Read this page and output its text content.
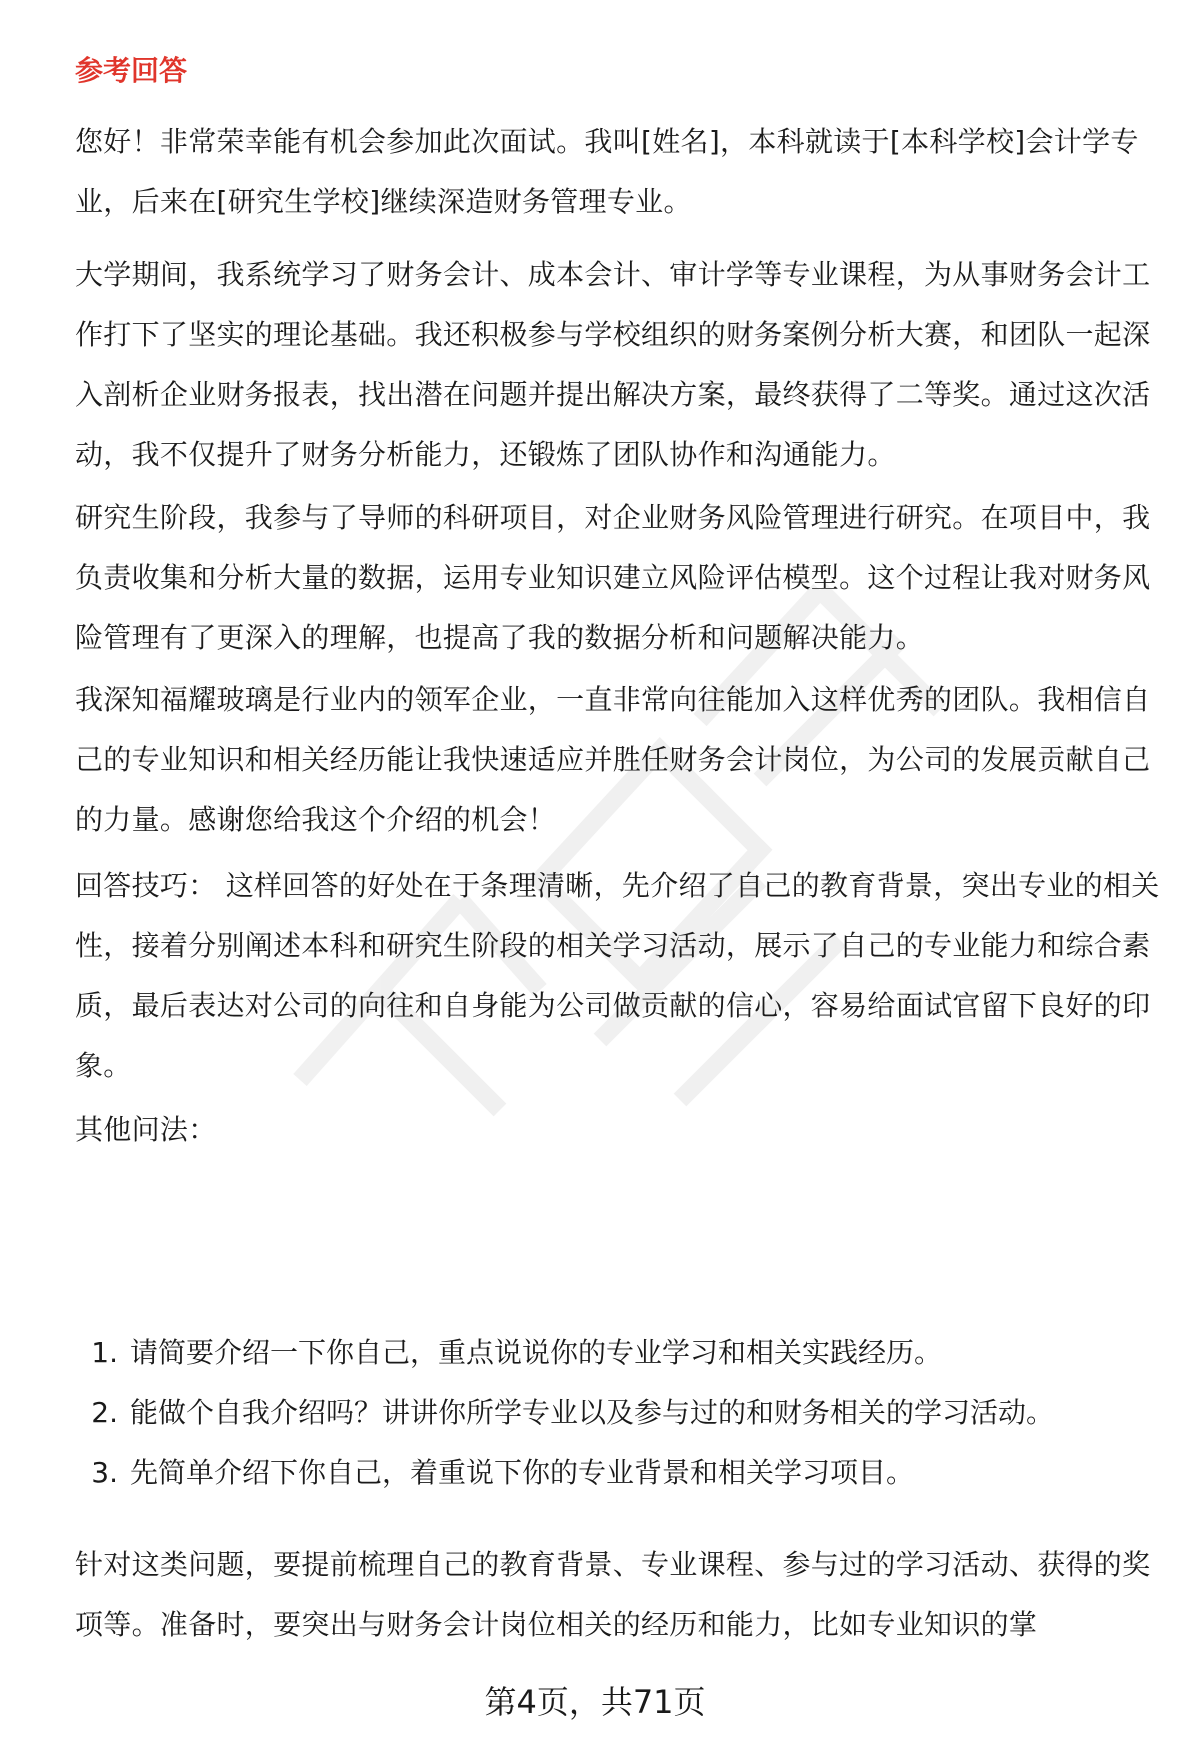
参考回答

您好！非常荣幸能有机会参加此次面试。我叫[姓名]，本科就读于[本科学校]会计学专业，后来在[研究生学校]继续深造财务管理专业。

大学期间，我系统学习了财务会计、成本会计、审计学等专业课程，为从事财务会计工作打下了坚实的理论基础。我还积极参与学校组织的财务案例分析大赛，和团队一起深入剖析企业财务报表，找出潜在问题并提出解决方案，最终获得了二等奖。通过这次活动，我不仅提升了财务分析能力，还锻炼了团队协作和沟通能力。

研究生阶段，我参与了导师的科研项目，对企业财务风险管理进行研究。在项目中，我负责收集和分析大量的数据，运用专业知识建立风险评估模型。这个过程让我对财务风险管理有了更深入的理解，也提高了我的数据分析和问题解决能力。

我深知福耀玻璃是行业内的领军企业，一直非常向往能加入这样优秀的团队。我相信自己的专业知识和相关经历能让我快速适应并胜任财务会计岗位，为公司的发展贡献自己的力量。感谢您给我这个介绍的机会！

回答技巧： 这样回答的好处在于条理清晰，先介绍了自己的教育背景，突出专业的相关性，接着分别阐述本科和研究生阶段的相关学习活动，展示了自己的专业能力和综合素质，最后表达对公司的向往和自身能为公司做贡献的信心，容易给面试官留下良好的印象。

其他问法：

1. 请简要介绍一下你自己，重点说说你的专业学习和相关实践经历。
2. 能做个自我介绍吗？讲讲你所学专业以及参与过的和财务相关的学习活动。
3. 先简单介绍下你自己，着重说下你的专业背景和相关学习项目。

针对这类问题，要提前梳理自己的教育背景、专业课程、参与过的学习活动、获得的奖项等。准备时，要突出与财务会计岗位相关的经历和能力，比如专业知识的掌

第4页，共71页
